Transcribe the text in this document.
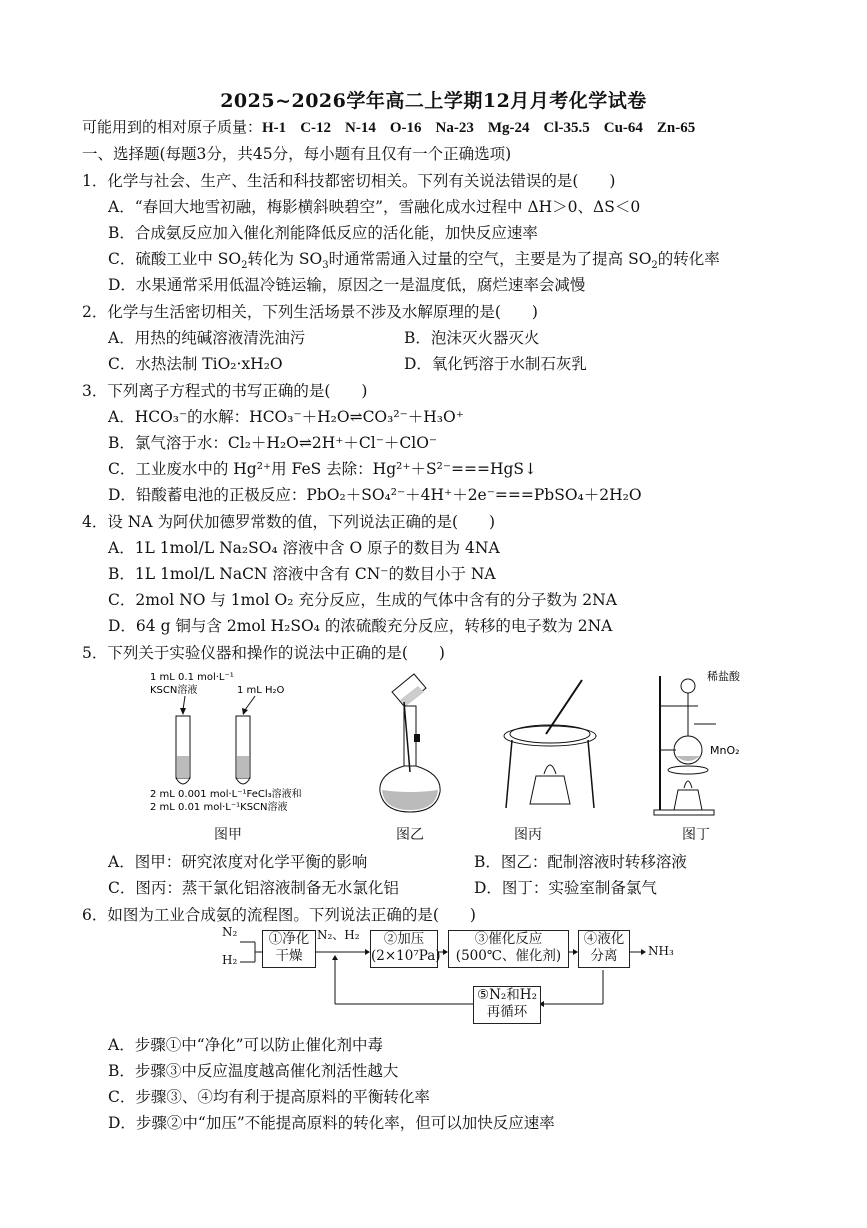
2025~2026学年高二上学期12月月考化学试卷
可能用到的相对原子质量：H-1 C-12 N-14 O-16 Na-23 Mg-24 Cl-35.5 Cu-64 Zn-65
一、选择题(每题3分，共45分，每小题有且仅有一个正确选项)
1．化学与社会、生产、生活和科技都密切相关。下列有关说法错误的是(　　)
A．“春回大地雪初融，梅影横斜映碧空”，雪融化成水过程中 ΔH＞0、ΔS＜0
B．合成氨反应加入催化剂能降低反应的活化能，加快反应速率
C．硫酸工业中 $SO_2$转化为 $SO_3$时通常需通入过量的空气，主要是为了提高 $SO_2$的转化率
D．水果通常采用低温冷链运输，原因之一是温度低，腐烂速率会减慢
2．化学与生活密切相关，下列生活场景不涉及水解原理的是(　　)
A．用热的纯碱溶液清洗油污	B．泡沫灭火器灭火
C．水热法制 TiO₂·xH₂O	D．氧化钙溶于水制石灰乳
3．下列离子方程式的书写正确的是(　　)
A．HCO₃⁻的水解：HCO₃⁻＋H₂O⇌CO₃²⁻＋H₃O⁺
B．氯气溶于水：Cl₂＋H₂O⇌2H⁺＋Cl⁻＋ClO⁻
C．工业废水中的 Hg²⁺用 FeS 去除：Hg²⁺＋S²⁻===HgS↓
D．铅酸蓄电池的正极反应：PbO₂＋SO₄²⁻＋4H⁺＋2e⁻===PbSO₄＋2H₂O
4．设 NA 为阿伏加德罗常数的值，下列说法正确的是(　　)
A．1L 1mol/L Na₂SO₄ 溶液中含 O 原子的数目为 4NA
B．1L 1mol/L NaCN 溶液中含有 CN⁻的数目小于 NA
C．2mol NO 与 1mol O₂ 充分反应，生成的气体中含有的分子数为 2NA
D．64 g 铜与含 2mol H₂SO₄ 的浓硫酸充分反应，转移的电子数为 2NA
5．下列关于实验仪器和操作的说法中正确的是(　　)
1 mL 0.1 mol·L⁻¹
KSCN溶液	1 mL H₂O
2 mL 0.001 mol·L⁻¹FeCl₃溶液和
2 mL 0.01 mol·L⁻¹KSCN溶液
图甲	图乙	图丙
稀盐酸
MnO₂
图丁
A．图甲：研究浓度对化学平衡的影响	B．图乙：配制溶液时转移溶液
C．图丙：蒸干氯化铝溶液制备无水氯化铝	D．图丁：实验室制备氯气
6．如图为工业合成氨的流程图。下列说法正确的是(　　)
N₂
H₂
N₂、H₂
①净化
干燥
②加压
(2×10⁷Pa)
③催化反应
(500℃、催化剂)
④液化
分离	NH₃
⑤N₂和H₂
再循环
A．步骤①中“净化”可以防止催化剂中毒
B．步骤③中反应温度越高催化剂活性越大
C．步骤③、④均有利于提高原料的平衡转化率
D．步骤②中“加压”不能提高原料的转化率，但可以加快反应速率
